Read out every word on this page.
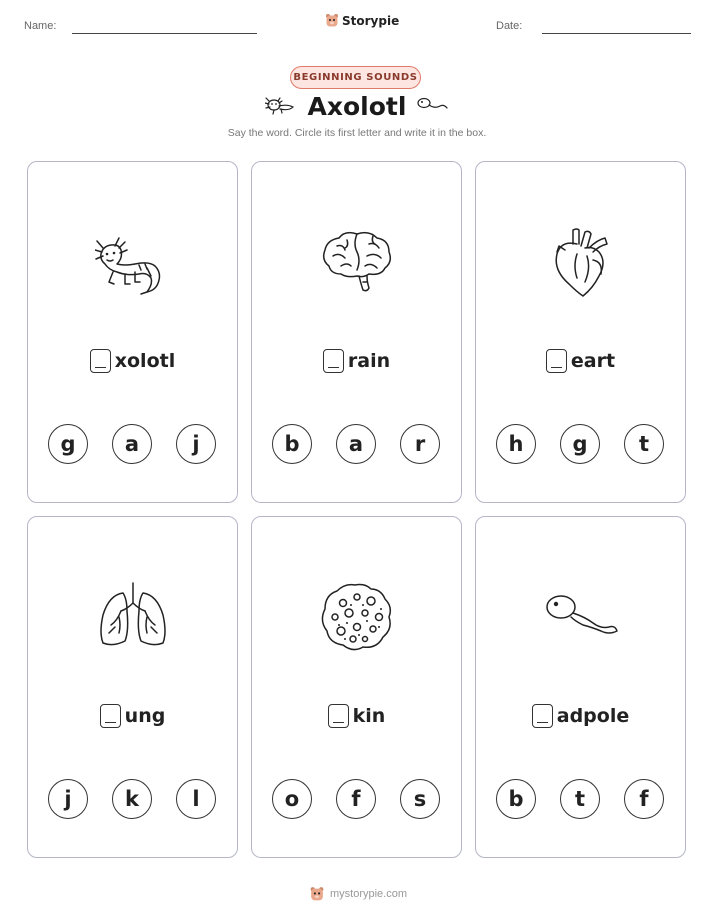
Name:	Storypie	Date:
BEGINNING SOUNDS
Axolotl
Say the word. Circle its first letter and write it in the box.
xolotl
g	a	j
rain
b	a	r
eart
h	g	t
ung
j	k	l
kin
o	f	s
adpole
b	t	f
mystorypie.com
